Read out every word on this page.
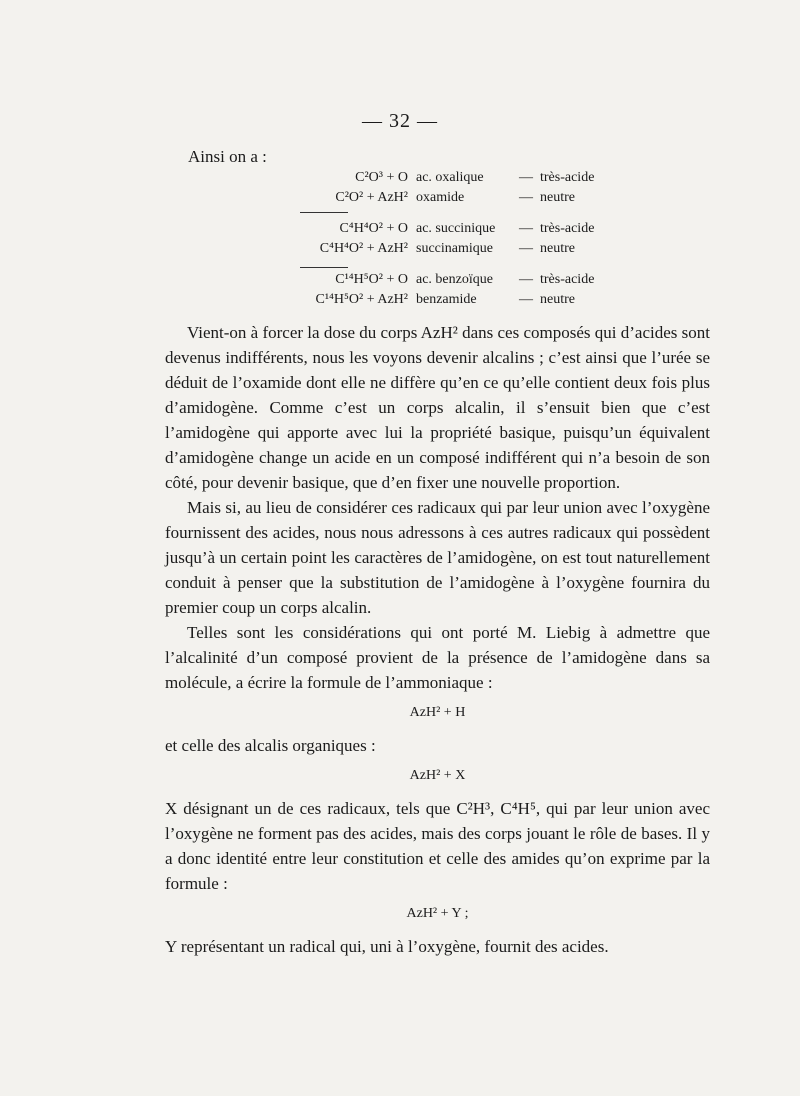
— 32 —
Ainsi on a :
C²O³ + O ac. oxalique	— très-acide
C²O² + AzH² oxamide	— neutre
C⁴H⁴O² + O ac. succinique	— très-acide
C⁴H⁴O² + AzH² succinamique	— neutre
C¹⁴H⁵O² + O ac. benzoïque	— très-acide
C¹⁴H⁵O² + AzH² benzamide	— neutre

Vient-on à forcer la dose du corps AzH² dans ces composés qui d’acides sont devenus indifférents, nous les voyons devenir alcalins ; c’est ainsi que l’urée se déduit de l’oxamide dont elle ne diffère qu’en ce qu’elle contient deux fois plus d’amidogène. Comme c’est un corps alcalin, il s’ensuit bien que c’est l’amidogène qui apporte avec lui la propriété basique, puisqu’un équivalent d’amidogène change un acide en un composé indifférent qui n’a besoin de son côté, pour devenir basique, que d’en fixer une nouvelle proportion.

Mais si, au lieu de considérer ces radicaux qui par leur union avec l’oxygène fournissent des acides, nous nous adressons à ces autres radicaux qui possèdent jusqu’à un certain point les caractères de l’amidogène, on est tout naturellement conduit à penser que la substitution de l’amidogène à l’oxygène fournira du premier coup un corps alcalin.

Telles sont les considérations qui ont porté M. Liebig à admettre que l’alcalinité d’un composé provient de la présence de l’amidogène dans sa molécule, a écrire la formule de l’ammoniaque :

AzH² + H

et celle des alcalis organiques :

AzH² + X

X désignant un de ces radicaux, tels que C²H³, C⁴H⁵, qui par leur union avec l’oxygène ne forment pas des acides, mais des corps jouant le rôle de bases. Il y a donc identité entre leur constitution et celle des amides qu’on exprime par la formule :

AzH² + Y ;

Y représentant un radical qui, uni à l’oxygène, fournit des acides.
